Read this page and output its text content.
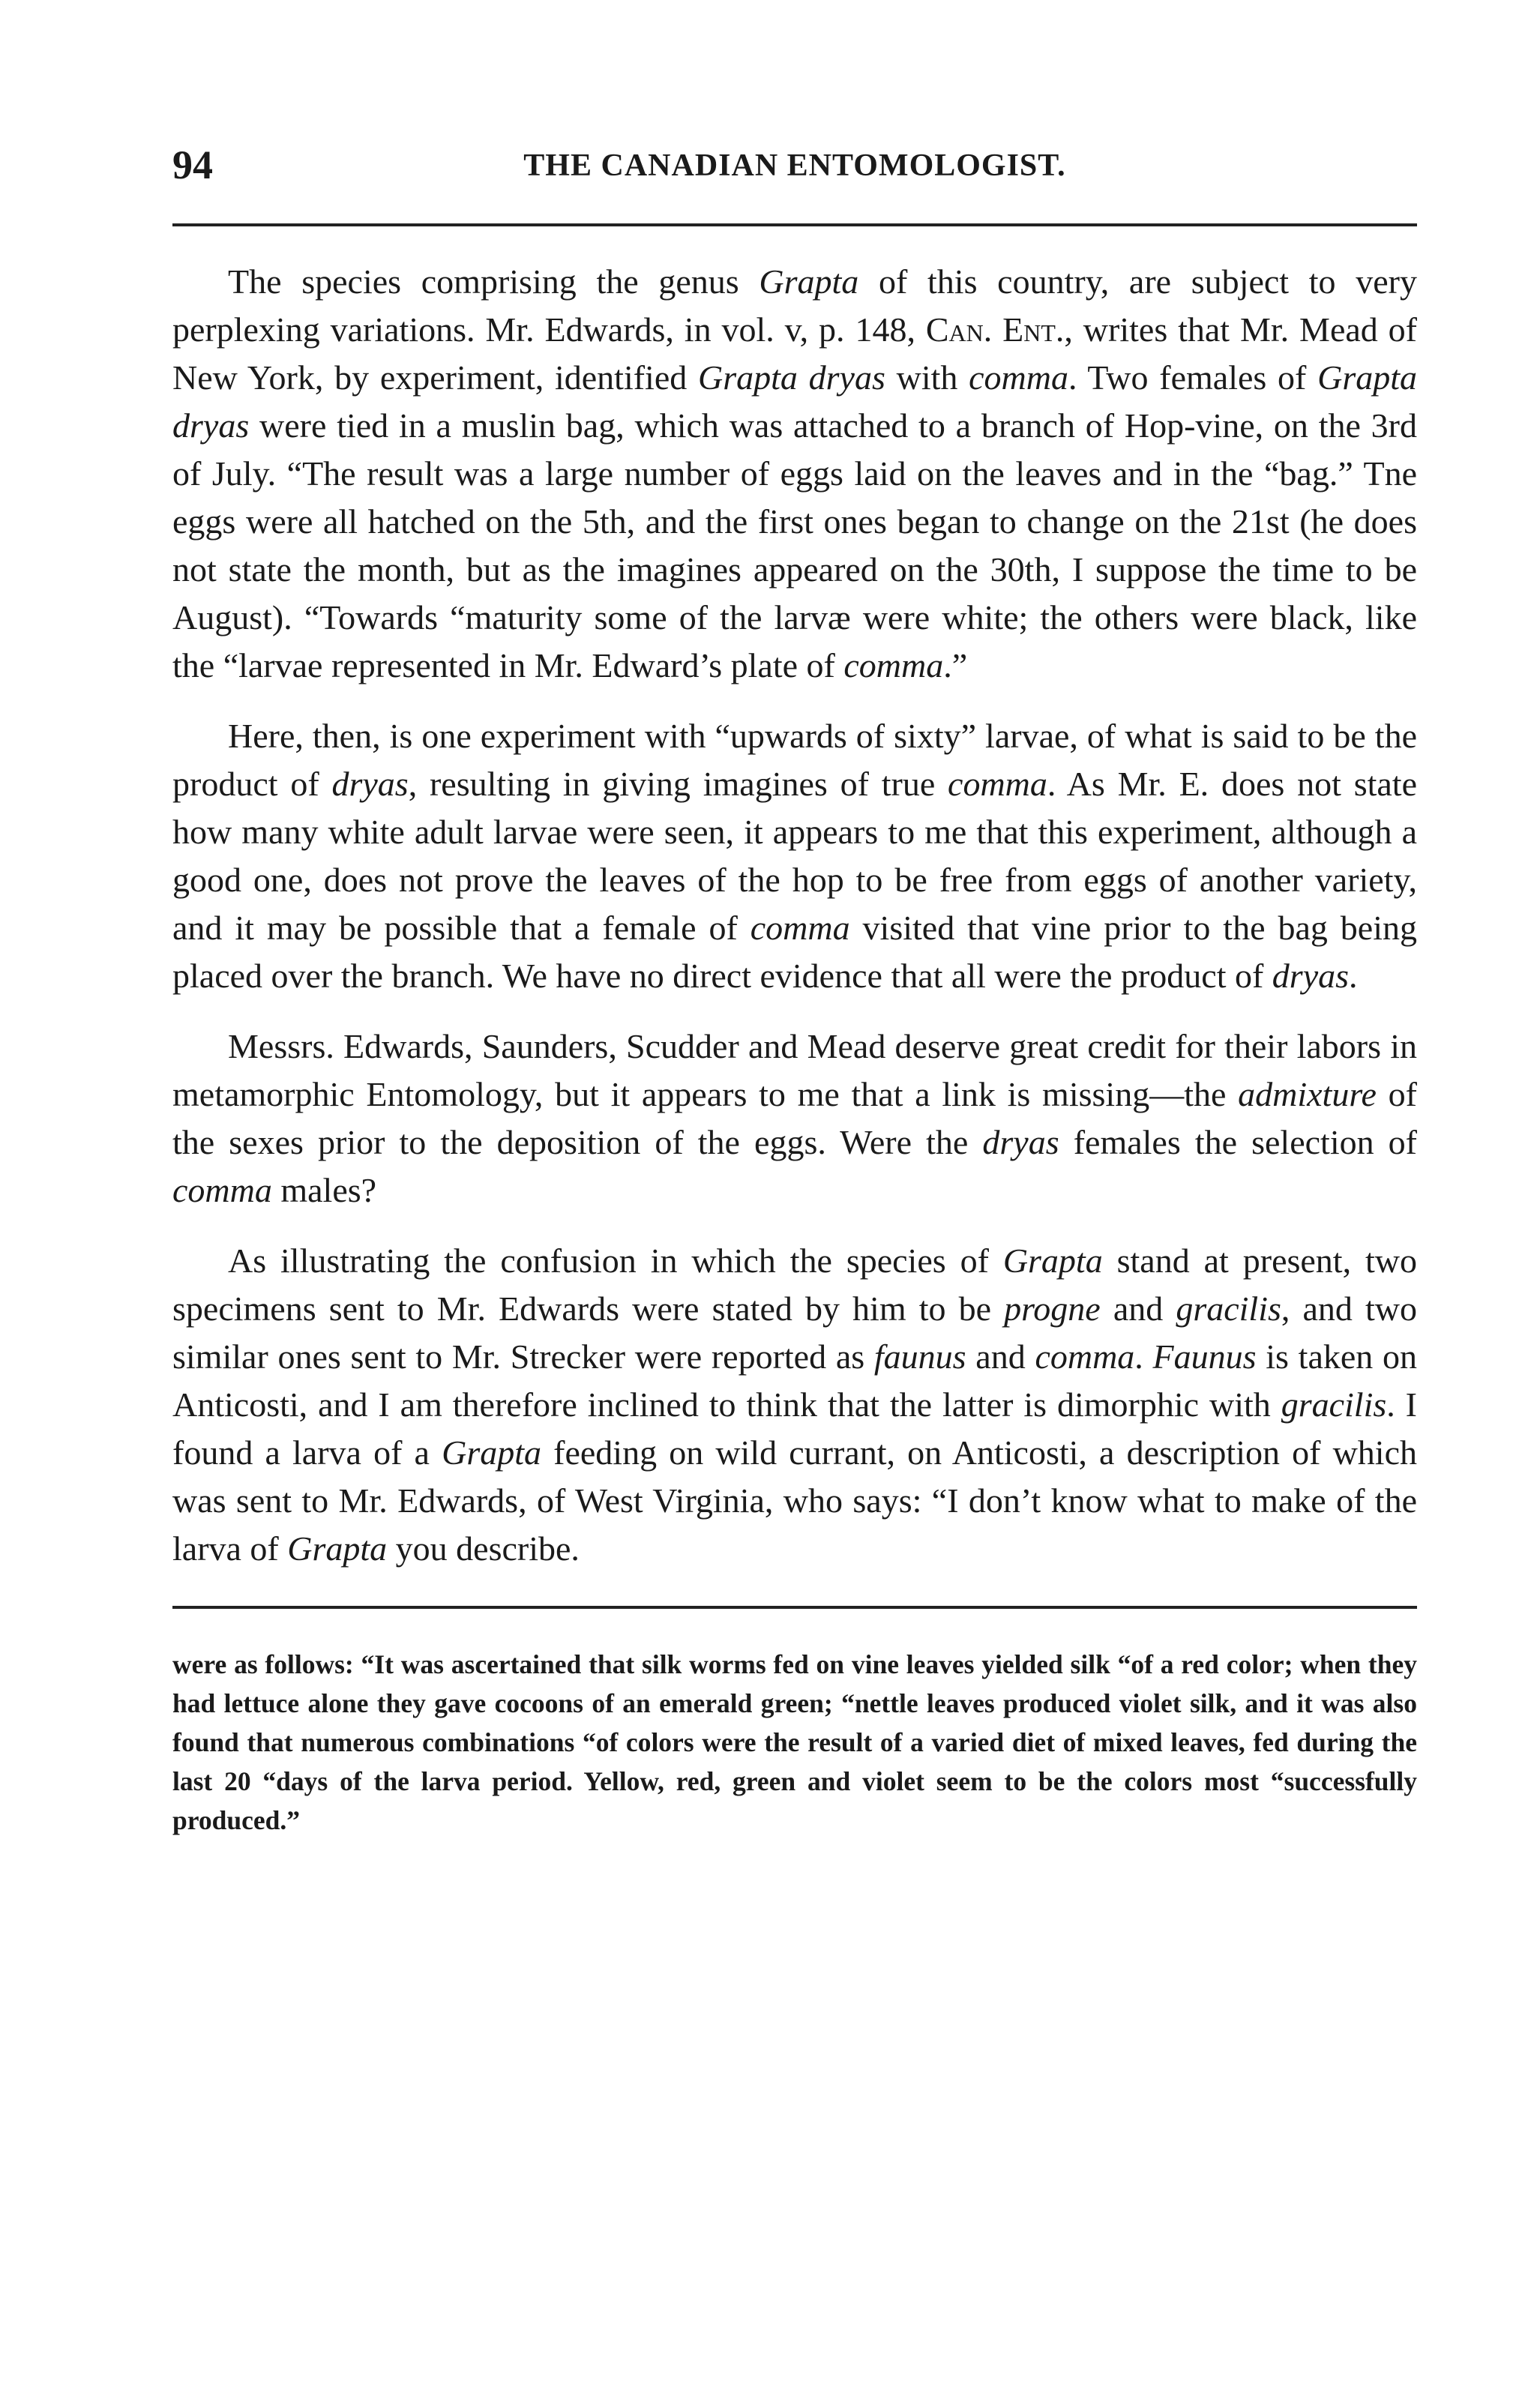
94	THE CANADIAN ENTOMOLOGIST.

The species comprising the genus Grapta of this country, are subject to very perplexing variations. Mr. Edwards, in vol. v, p. 148, Can. Ent., writes that Mr. Mead of New York, by experiment, identified Grapta dryas with comma. Two females of Grapta dryas were tied in a muslin bag, which was attached to a branch of Hop-vine, on the 3rd of July. “The result was a large number of eggs laid on the leaves and in the “bag.” Tne eggs were all hatched on the 5th, and the first ones began to change on the 21st (he does not state the month, but as the imagines appeared on the 30th, I suppose the time to be August). “Towards “maturity some of the larvæ were white; the others were black, like the “larvae represented in Mr. Edward’s plate of comma.”

Here, then, is one experiment with “upwards of sixty” larvae, of what is said to be the product of dryas, resulting in giving imagines of true comma. As Mr. E. does not state how many white adult larvae were seen, it appears to me that this experiment, although a good one, does not prove the leaves of the hop to be free from eggs of another variety, and it may be possible that a female of comma visited that vine prior to the bag being placed over the branch. We have no direct evidence that all were the product of dryas.

Messrs. Edwards, Saunders, Scudder and Mead deserve great credit for their labors in metamorphic Entomology, but it appears to me that a link is missing—the admixture of the sexes prior to the deposition of the eggs. Were the dryas females the selection of comma males?

As illustrating the confusion in which the species of Grapta stand at present, two specimens sent to Mr. Edwards were stated by him to be progne and gracilis, and two similar ones sent to Mr. Strecker were reported as faunus and comma. Faunus is taken on Anticosti, and I am therefore inclined to think that the latter is dimorphic with gracilis. I found a larva of a Grapta feeding on wild currant, on Anticosti, a description of which was sent to Mr. Edwards, of West Virginia, who says: “I don’t know what to make of the larva of Grapta you describe.

were as follows: “It was ascertained that silk worms fed on vine leaves yielded silk “of a red color; when they had lettuce alone they gave cocoons of an emerald green; “nettle leaves produced violet silk, and it was also found that numerous combinations “of colors were the result of a varied diet of mixed leaves, fed during the last 20 “days of the larva period. Yellow, red, green and violet seem to be the colors most “successfully produced.”
